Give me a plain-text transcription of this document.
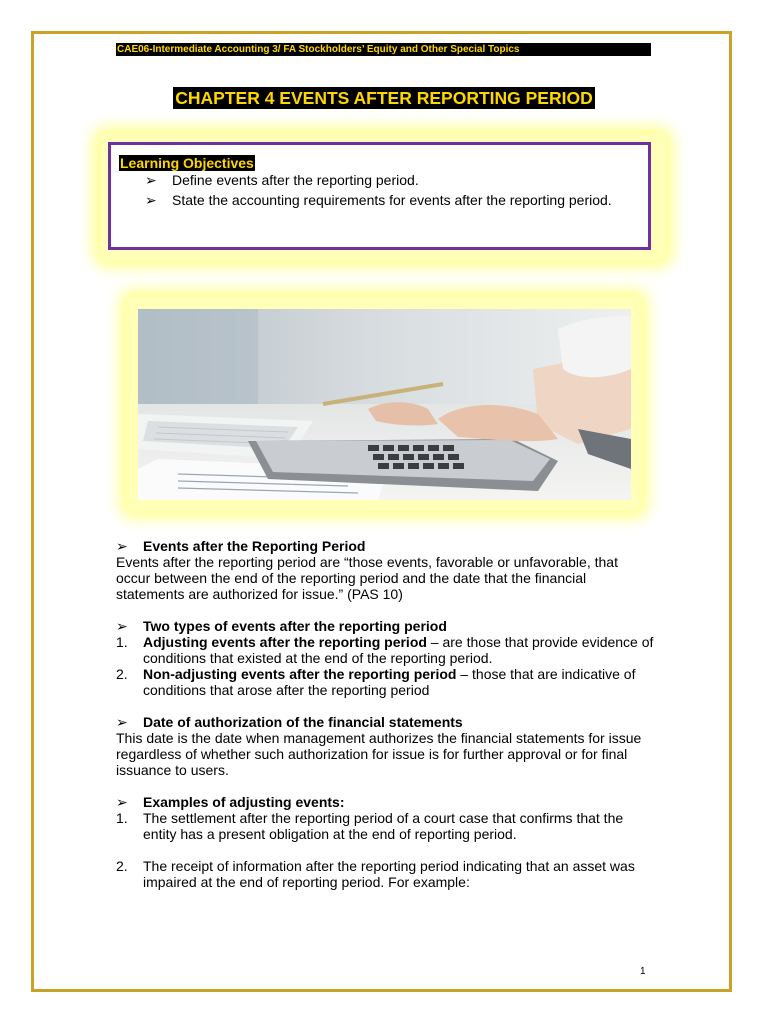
CAE06-Intermediate Accounting 3/ FA Stockholders’ Equity and Other Special Topics
CHAPTER 4 EVENTS AFTER REPORTING PERIOD
Learning Objectives
➢ Define events after the reporting period.
➢ State the accounting requirements for events after the reporting period.
➢ Events after the Reporting Period

Events after the reporting period are “those events, favorable or unfavorable, that occur between the end of the reporting period and the date that the financial statements are authorized for issue.” (PAS 10)

➢ Two types of events after the reporting period
1. Adjusting events after the reporting period – are those that provide evidence of conditions that existed at the end of the reporting period.
2. Non-adjusting events after the reporting period – those that are indicative of conditions that arose after the reporting period
➢ Date of authorization of the financial statements

This date is the date when management authorizes the financial statements for issue regardless of whether such authorization for issue is for further approval or for final issuance to users.

➢ Examples of adjusting events:
1. The settlement after the reporting period of a court case that confirms that the entity has a present obligation at the end of reporting period.
2. The receipt of information after the reporting period indicating that an asset was impaired at the end of reporting period. For example:
1
